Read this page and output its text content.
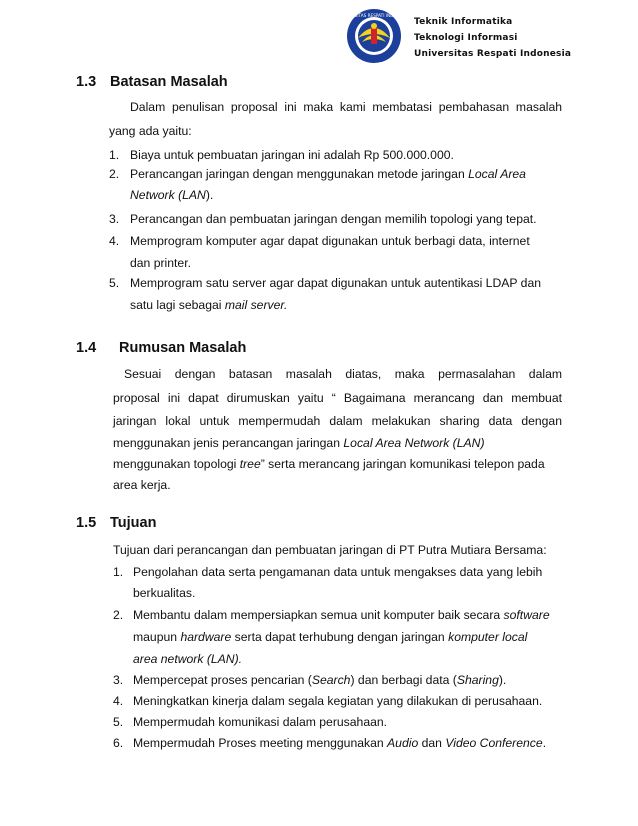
UNIVERSITAS RESPATI INDONESIA
Teknik Informatika
Teknologi Informasi
Universitas Respati Indonesia
1.3 Batasan Masalah

Dalam penulisan proposal ini maka kami membatasi pembahasan masalah

yang ada yaitu:

1. Biaya untuk pembuatan jaringan ini adalah Rp 500.000.000.

2. Perancangan jaringan dengan menggunakan metode jaringan Local Area

Network (LAN).

3. Perancangan dan pembuatan jaringan dengan memilih topologi yang tepat.

4. Memprogram komputer agar dapat digunakan untuk berbagi data, internet

dan printer.

5. Memprogram satu server agar dapat digunakan untuk autentikasi LDAP dan

satu lagi sebagai mail server.

1.4 Rumusan Masalah

Sesuai dengan batasan masalah diatas, maka permasalahan dalam

proposal ini dapat dirumuskan yaitu “ Bagaimana merancang dan membuat

jaringan lokal untuk mempermudah dalam melakukan sharing data dengan

menggunakan jenis perancangan jaringan Local Area Network (LAN)

menggunakan topologi tree” serta merancang jaringan komunikasi telepon pada

area kerja.

1.5 Tujuan

Tujuan dari perancangan dan pembuatan jaringan di PT Putra Mutiara Bersama:

1. Pengolahan data serta pengamanan data untuk mengakses data yang lebih

berkualitas.

2. Membantu dalam mempersiapkan semua unit komputer baik secara software

maupun hardware serta dapat terhubung dengan jaringan komputer local

area network (LAN).

3. Mempercepat proses pencarian (Search) dan berbagi data (Sharing).

4. Meningkatkan kinerja dalam segala kegiatan yang dilakukan di perusahaan.

5. Mempermudah komunikasi dalam perusahaan.

6. Mempermudah Proses meeting menggunakan Audio dan Video Conference.
